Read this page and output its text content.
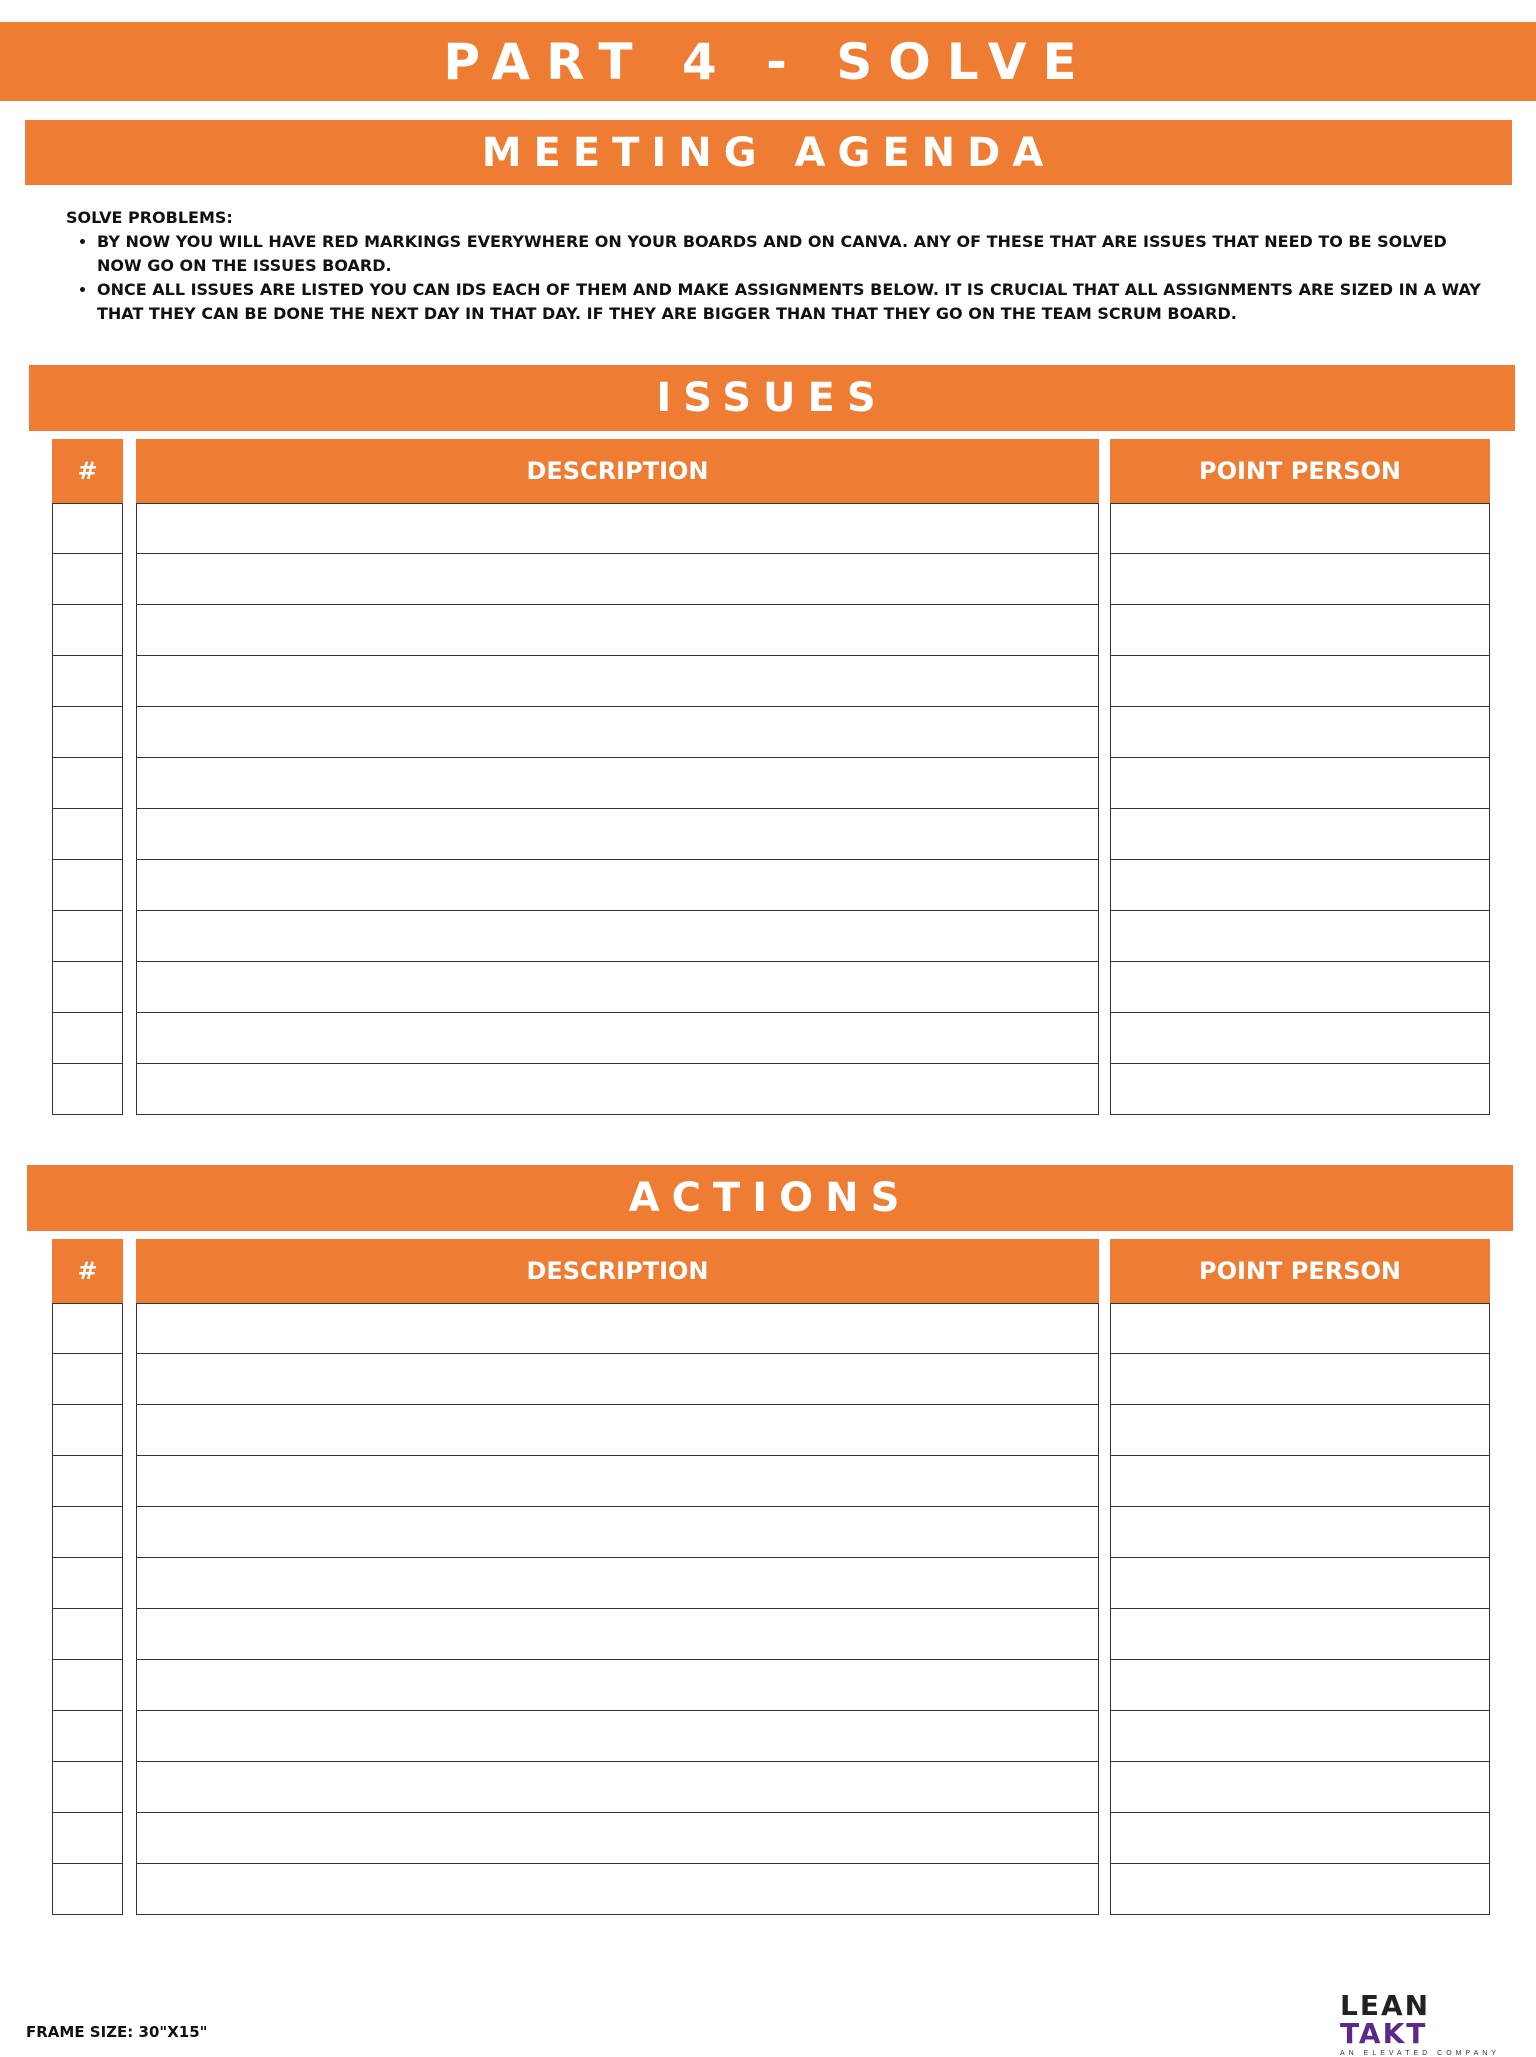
PART 4 - SOLVE
MEETING AGENDA
SOLVE PROBLEMS:
• BY NOW YOU WILL HAVE RED MARKINGS EVERYWHERE ON YOUR BOARDS AND ON CANVA. ANY OF THESE THAT ARE ISSUES THAT NEED TO BE SOLVED NOW GO ON THE ISSUES BOARD.
• ONCE ALL ISSUES ARE LISTED YOU CAN IDS EACH OF THEM AND MAKE ASSIGNMENTS BELOW. IT IS CRUCIAL THAT ALL ASSIGNMENTS ARE SIZED IN A WAY THAT THEY CAN BE DONE THE NEXT DAY IN THAT DAY. IF THEY ARE BIGGER THAN THAT THEY GO ON THE TEAM SCRUM BOARD.
ISSUES
#	DESCRIPTION	POINT PERSON
ACTIONS
#	DESCRIPTION	POINT PERSON
FRAME SIZE: 30"X15"
LEAN TAKT
AN ELEVATED COMPANY
